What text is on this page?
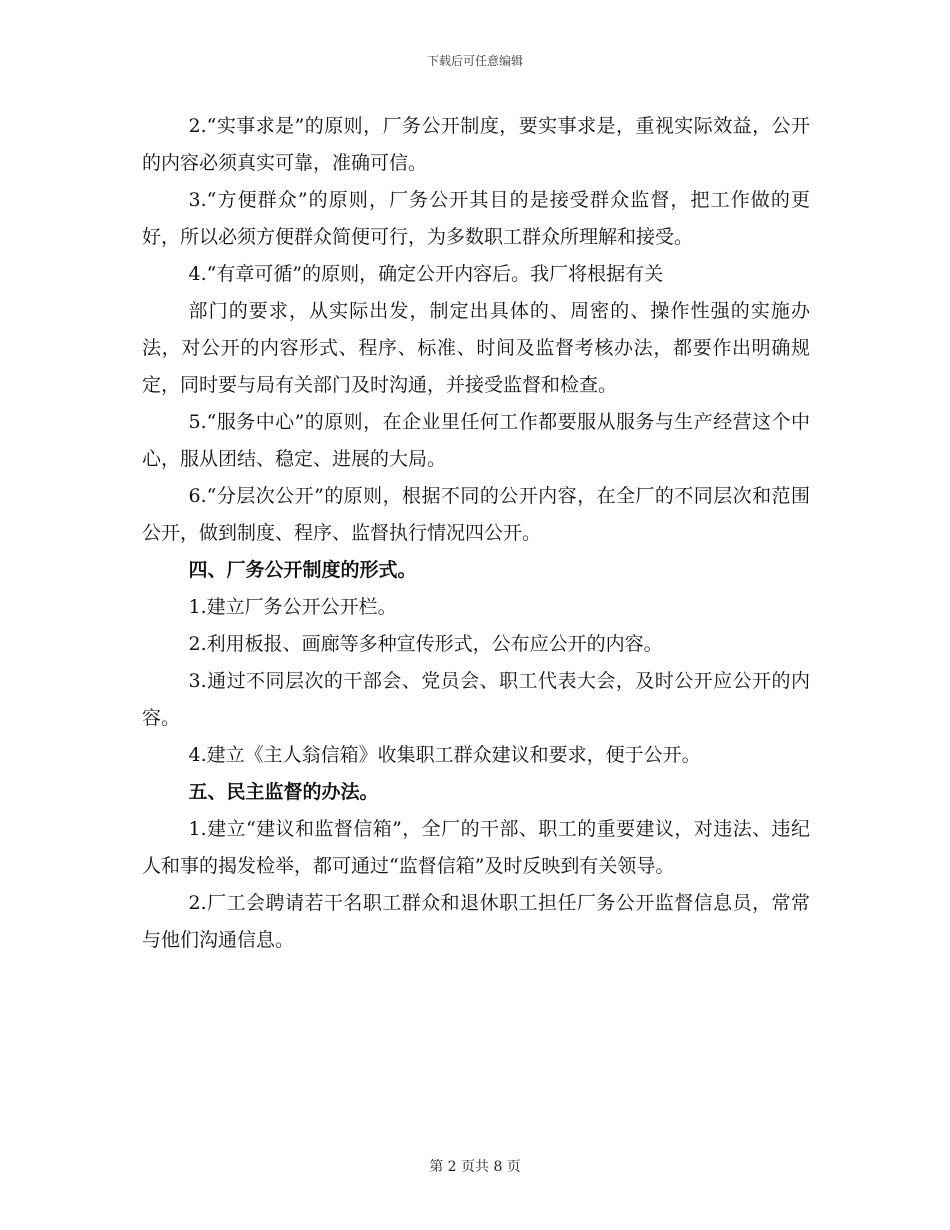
下载后可任意编辑

2.“实事求是”的原则，厂务公开制度，要实事求是，重视实际效益，公开的内容必须真实可靠，准确可信。

3.“方便群众”的原则，厂务公开其目的是接受群众监督，把工作做的更好，所以必须方便群众简便可行，为多数职工群众所理解和接受。

4.“有章可循”的原则，确定公开内容后。我厂将根据有关

部门的要求，从实际出发，制定出具体的、周密的、操作性强的实施办法，对公开的内容形式、程序、标准、时间及监督考核办法，都要作出明确规定，同时要与局有关部门及时沟通，并接受监督和检查。

5.“服务中心”的原则，在企业里任何工作都要服从服务与生产经营这个中心，服从团结、稳定、进展的大局。

6.“分层次公开”的原则，根据不同的公开内容，在全厂的不同层次和范围公开，做到制度、程序、监督执行情况四公开。

四、厂务公开制度的形式。

1.建立厂务公开公开栏。

2.利用板报、画廊等多种宣传形式，公布应公开的内容。

3.通过不同层次的干部会、党员会、职工代表大会，及时公开应公开的内容。

4.建立《主人翁信箱》收集职工群众建议和要求，便于公开。

五、民主监督的办法。

1.建立“建议和监督信箱”，全厂的干部、职工的重要建议，对违法、违纪人和事的揭发检举，都可通过“监督信箱”及时反映到有关领导。

2.厂工会聘请若干名职工群众和退休职工担任厂务公开监督信息员，常常与他们沟通信息。

第 2 页共 8 页
